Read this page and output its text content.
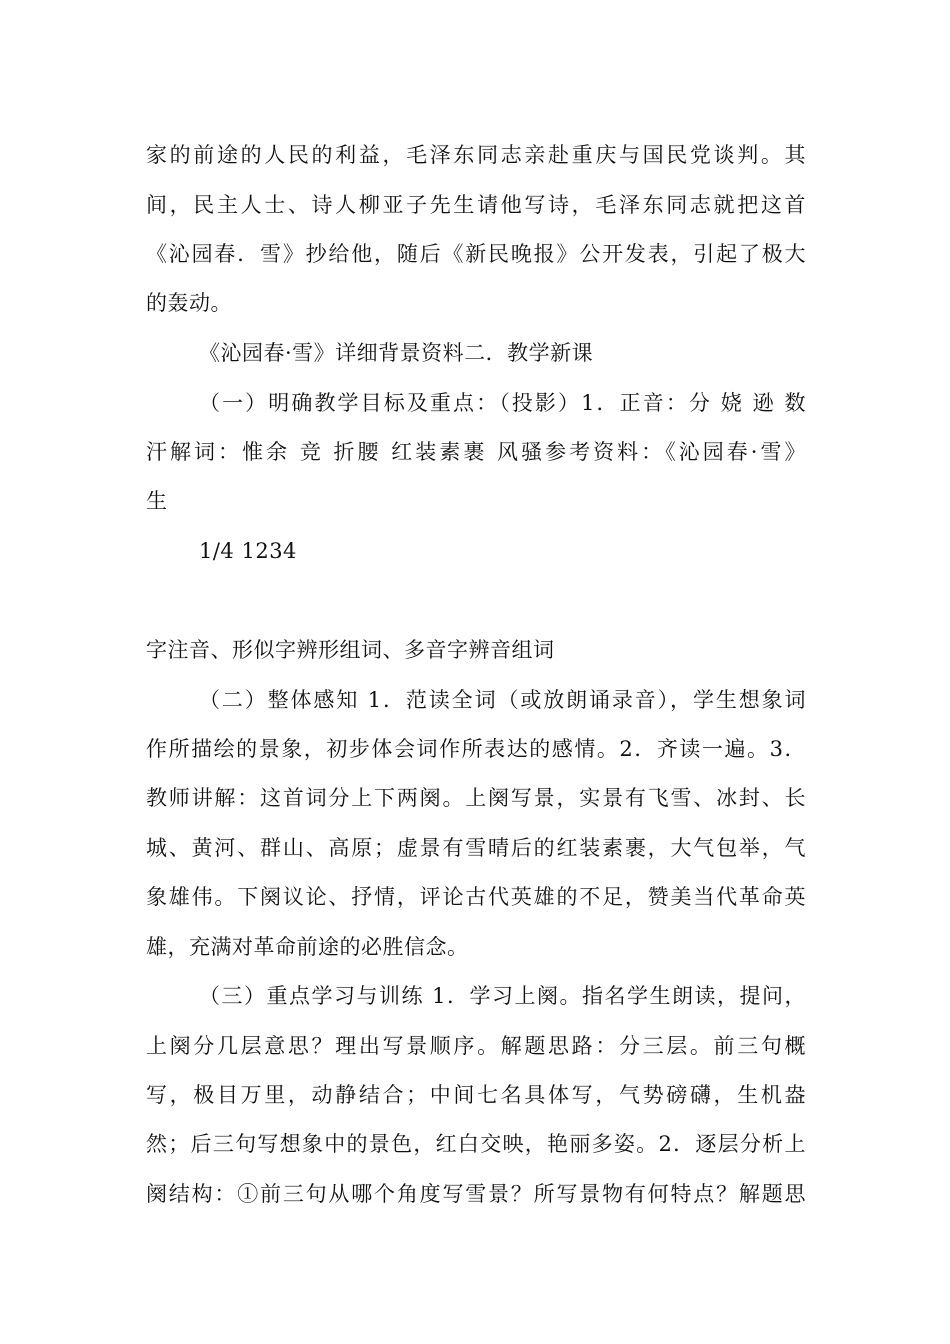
家的前途的人民的利益，毛泽东同志亲赴重庆与国民党谈判。其
间，民主人士、诗人柳亚子先生请他写诗，毛泽东同志就把这首
《沁园春．雪》抄给他，随后《新民晚报》公开发表，引起了极大
的轰动。
《沁园春·雪》详细背景资料二．教学新课
（一）明确教学目标及重点：（投影）1．正音：分 娆 逊 数
汗解词：惟余 竞 折腰 红装素裹 风骚参考资料：《沁园春·雪》
生
1/4 1234
字注音、形似字辨形组词、多音字辨音组词
（二）整体感知 1．范读全词（或放朗诵录音），学生想象词
作所描绘的景象，初步体会词作所表达的感情。2．齐读一遍。3．
教师讲解：这首词分上下两阕。上阕写景，实景有飞雪、冰封、长
城、黄河、群山、高原；虚景有雪晴后的红装素裹，大气包举，气
象雄伟。下阕议论、抒情，评论古代英雄的不足，赞美当代革命英
雄，充满对革命前途的必胜信念。
（三）重点学习与训练 1．学习上阕。指名学生朗读，提问，
上阕分几层意思？理出写景顺序。解题思路：分三层。前三句概
写，极目万里，动静结合；中间七名具体写，气势磅礴，生机盎
然；后三句写想象中的景色，红白交映，艳丽多姿。2．逐层分析上
阕结构：①前三句从哪个角度写雪景？所写景物有何特点？解题思
